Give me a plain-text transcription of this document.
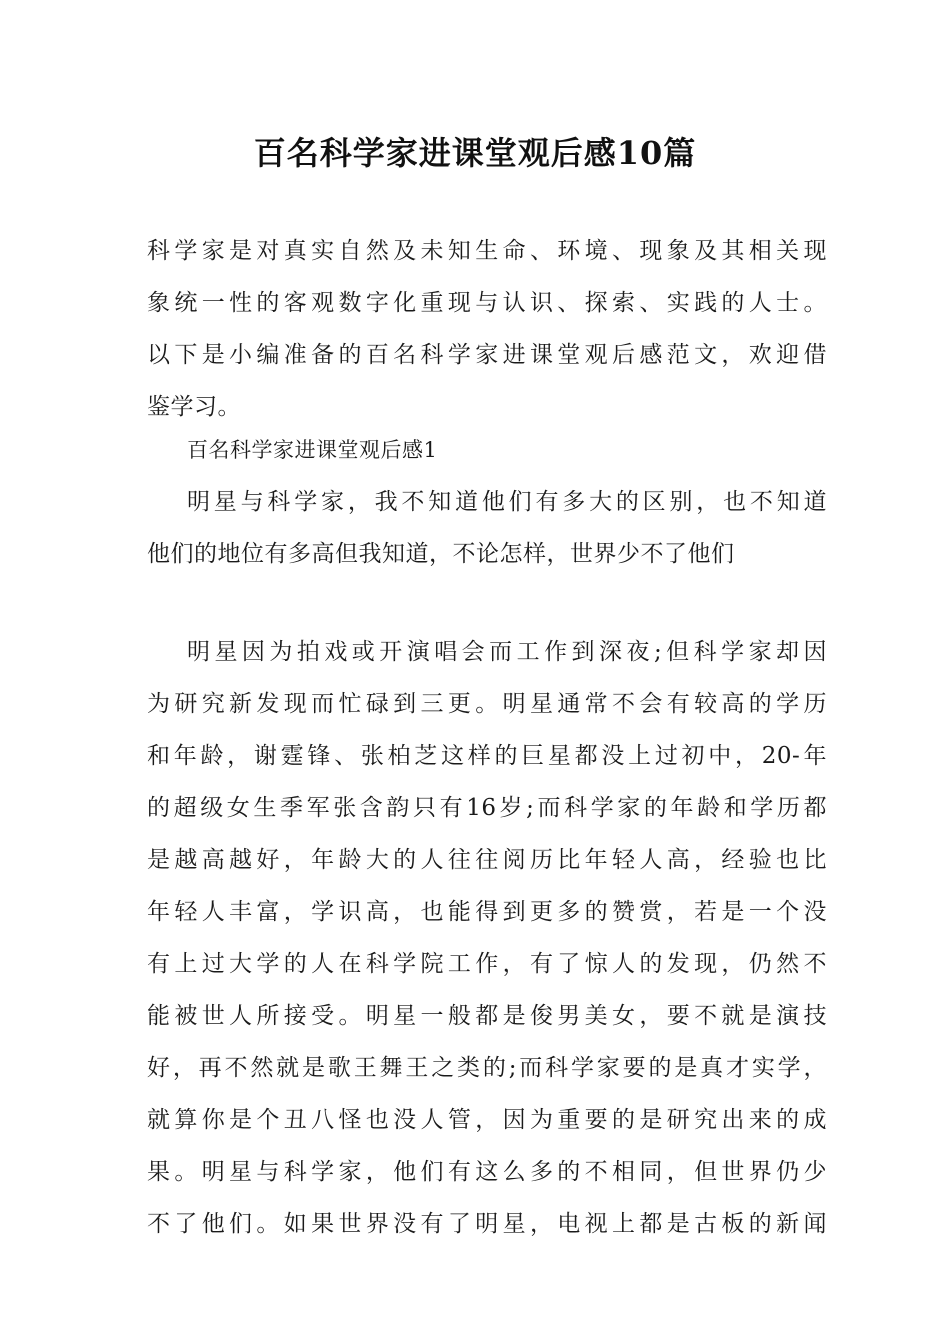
百名科学家进课堂观后感10篇
科学家是对真实自然及未知生命、环境、现象及其相关现
象统一性的客观数字化重现与认识、探索、实践的人士。
以下是小编准备的百名科学家进课堂观后感范文，欢迎借
鉴学习。
百名科学家进课堂观后感1
明星与科学家，我不知道他们有多大的区别，也不知道
他们的地位有多高但我知道，不论怎样，世界少不了他们
明星因为拍戏或开演唱会而工作到深夜;但科学家却因
为研究新发现而忙碌到三更。明星通常不会有较高的学历
和年龄，谢霆锋、张柏芝这样的巨星都没上过初中，20-年
的超级女生季军张含韵只有16岁;而科学家的年龄和学历都
是越高越好，年龄大的人往往阅历比年轻人高，经验也比
年轻人丰富，学识高，也能得到更多的赞赏，若是一个没
有上过大学的人在科学院工作，有了惊人的发现，仍然不
能被世人所接受。明星一般都是俊男美女，要不就是演技
好，再不然就是歌王舞王之类的;而科学家要的是真才实学，
就算你是个丑八怪也没人管，因为重要的是研究出来的成
果。明星与科学家，他们有这么多的不相同，但世界仍少
不了他们。如果世界没有了明星，电视上都是古板的新闻
